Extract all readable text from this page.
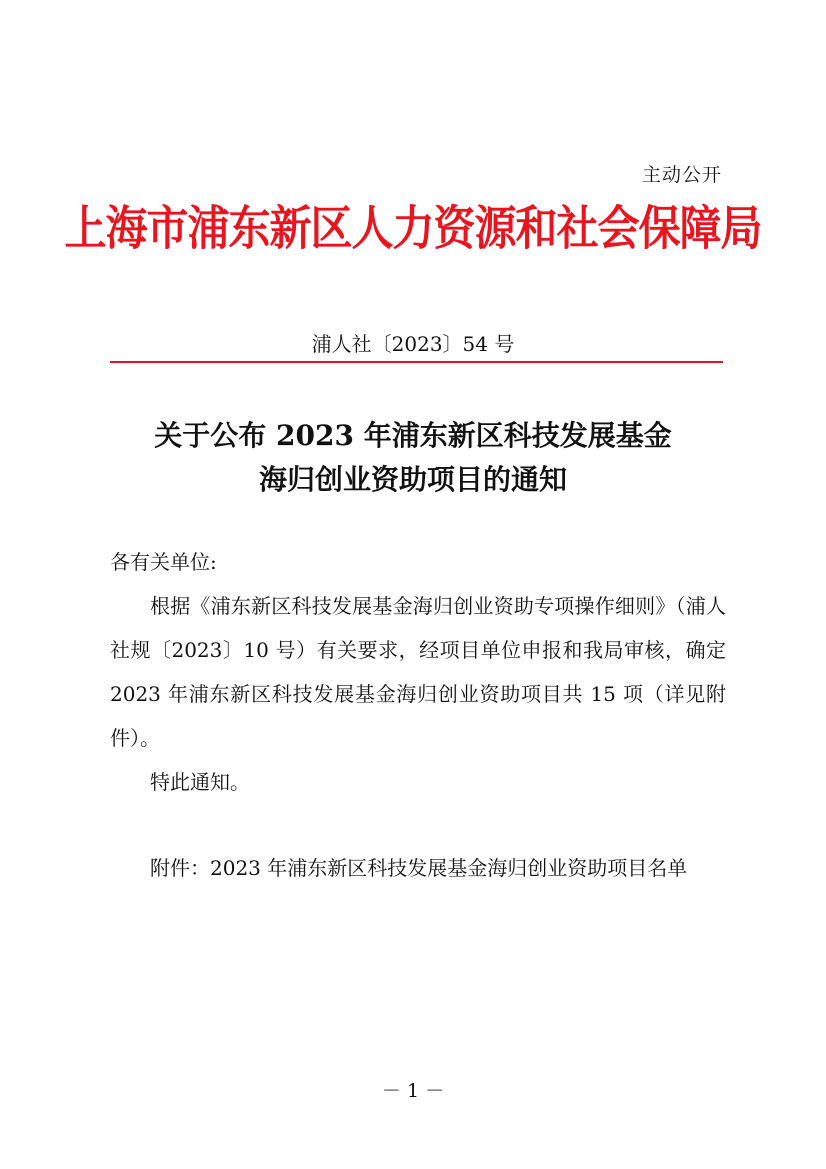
主动公开
上海市浦东新区人力资源和社会保障局
浦人社〔2023〕54 号
关于公布 2023 年浦东新区科技发展基金
海归创业资助项目的通知

各有关单位:

根据《浦东新区科技发展基金海归创业资助专项操作细则》（浦人社规〔2023〕10 号）有关要求，经项目单位申报和我局审核，确定 2023 年浦东新区科技发展基金海归创业资助项目共 15 项（详见附件）。

特此通知。

附件：2023 年浦东新区科技发展基金海归创业资助项目名单

－ 1 －
